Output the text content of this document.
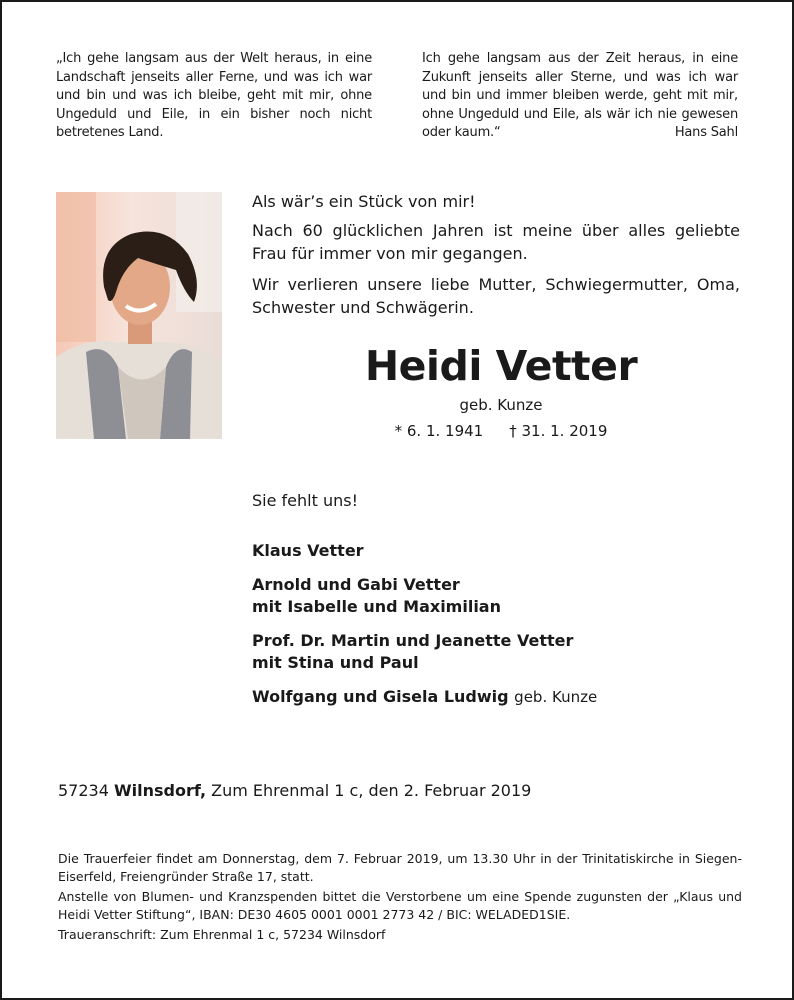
„Ich gehe langsam aus der Welt heraus, in eine Landschaft jenseits aller Ferne, und was ich war und bin und was ich bleibe, geht mit mir, ohne Ungeduld und Eile, in ein bisher noch nicht betretenes Land.
Ich gehe langsam aus der Zeit heraus, in eine Zukunft jenseits aller Sterne, und was ich war und bin und immer bleiben werde, geht mit mir, ohne Ungeduld und Eile, als wär ich nie gewesen oder kaum.“	Hans Sahl
Als wär’s ein Stück von mir!
Nach 60 glücklichen Jahren ist meine über alles geliebte Frau für immer von mir gegangen.
Wir verlieren unsere liebe Mutter, Schwiegermutter, Oma, Schwester und Schwägerin.
Heidi Vetter
geb. Kunze
* 6. 1. 1941 † 31. 1. 2019
Sie fehlt uns!
Klaus Vetter
Arnold und Gabi Vetter
mit Isabelle und Maximilian
Prof. Dr. Martin und Jeanette Vetter
mit Stina und Paul
Wolfgang und Gisela Ludwig geb. Kunze
57234 Wilnsdorf, Zum Ehrenmal 1 c, den 2. Februar 2019

Die Trauerfeier findet am Donnerstag, dem 7. Februar 2019, um 13.30 Uhr in der Trinitatiskirche in Siegen-Eiserfeld, Freiengründer Straße 17, statt.

Anstelle von Blumen- und Kranzspenden bittet die Verstorbene um eine Spende zugunsten der „Klaus und Heidi Vetter Stiftung“, IBAN: DE30 4605 0001 0001 2773 42 / BIC: WELADED1SIE.

Traueranschrift: Zum Ehrenmal 1 c, 57234 Wilnsdorf
